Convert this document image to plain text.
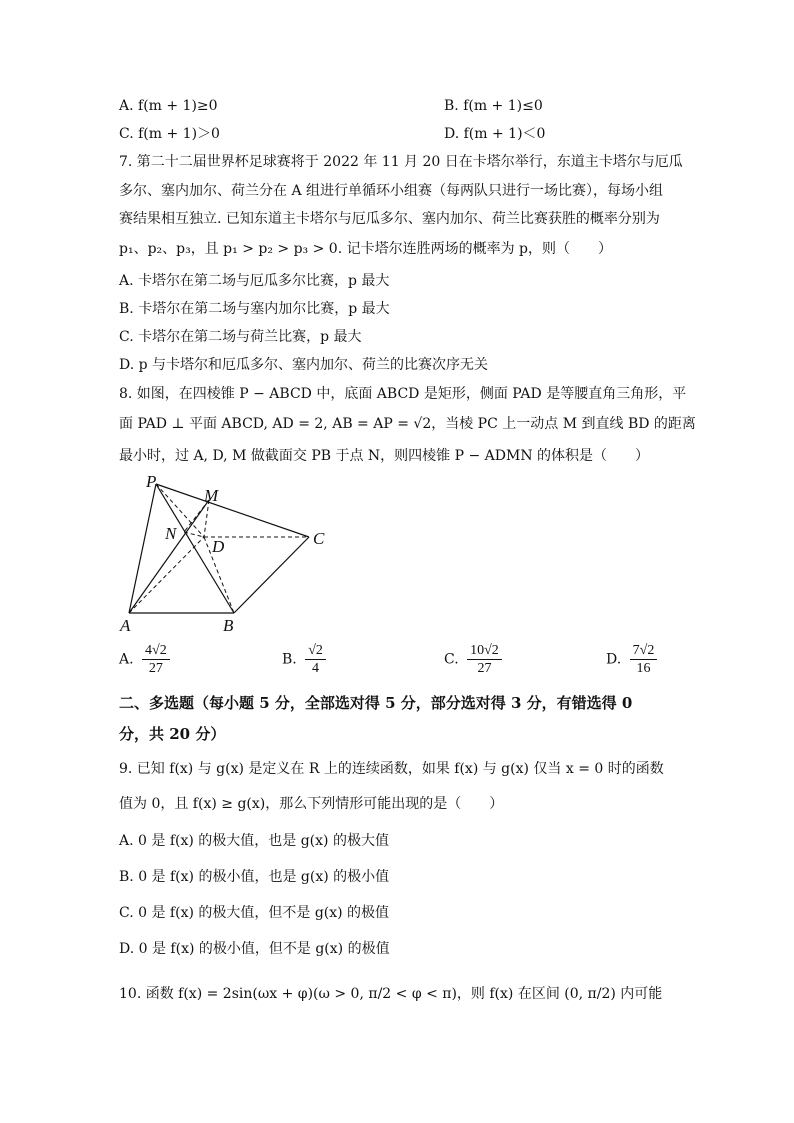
A. f(m + 1)≥0	B. f(m + 1)≤0
C. f(m + 1)＞0	D. f(m + 1)＜0
7. 第二十二届世界杯足球赛将于 2022 年 11 月 20 日在卡塔尔举行，东道主卡塔尔与厄瓜
多尔、塞内加尔、荷兰分在 A 组进行单循环小组赛（每两队只进行一场比赛），每场小组
赛结果相互独立. 已知东道主卡塔尔与厄瓜多尔、塞内加尔、荷兰比赛获胜的概率分别为
p₁、p₂、p₃，且 p₁ > p₂ > p₃ > 0. 记卡塔尔连胜两场的概率为 p，则（　　）
A. 卡塔尔在第二场与厄瓜多尔比赛，p 最大
B. 卡塔尔在第二场与塞内加尔比赛，p 最大
C. 卡塔尔在第二场与荷兰比赛，p 最大
D. p 与卡塔尔和厄瓜多尔、塞内加尔、荷兰的比赛次序无关
8. 如图，在四棱锥 P − ABCD 中，底面 ABCD 是矩形，侧面 PAD 是等腰直角三角形，平
面 PAD ⊥ 平面 ABCD, AD = 2, AB = AP = √2，当棱 PC 上一动点 M 到直线 BD 的距离
最小时，过 A, D, M 做截面交 PB 于点 N，则四棱锥 P − ADMN 的体积是（　　）
P
M
N
D	C
A	B
A. $\frac{4√2}{27}$	B. $\frac{√2}{4}$	C. $\frac{10√2}{27}$	D. $\frac{7√2}{16}$
二、多选题（每小题 5 分，全部选对得 5 分，部分选对得 3 分，有错选得 0
分，共 20 分）
9. 已知 f(x) 与 g(x) 是定义在 R 上的连续函数，如果 f(x) 与 g(x) 仅当 x = 0 时的函数
值为 0，且 f(x) ≥ g(x)，那么下列情形可能出现的是（　　）
A. 0 是 f(x) 的极大值，也是 g(x) 的极大值
B. 0 是 f(x) 的极小值，也是 g(x) 的极小值
C. 0 是 f(x) 的极大值，但不是 g(x) 的极值
D. 0 是 f(x) 的极小值，但不是 g(x) 的极值
10. 函数 f(x) = 2sin(ωx + φ)(ω > 0, π/2 < φ < π)，则 f(x) 在区间 (0, π/2) 内可能
